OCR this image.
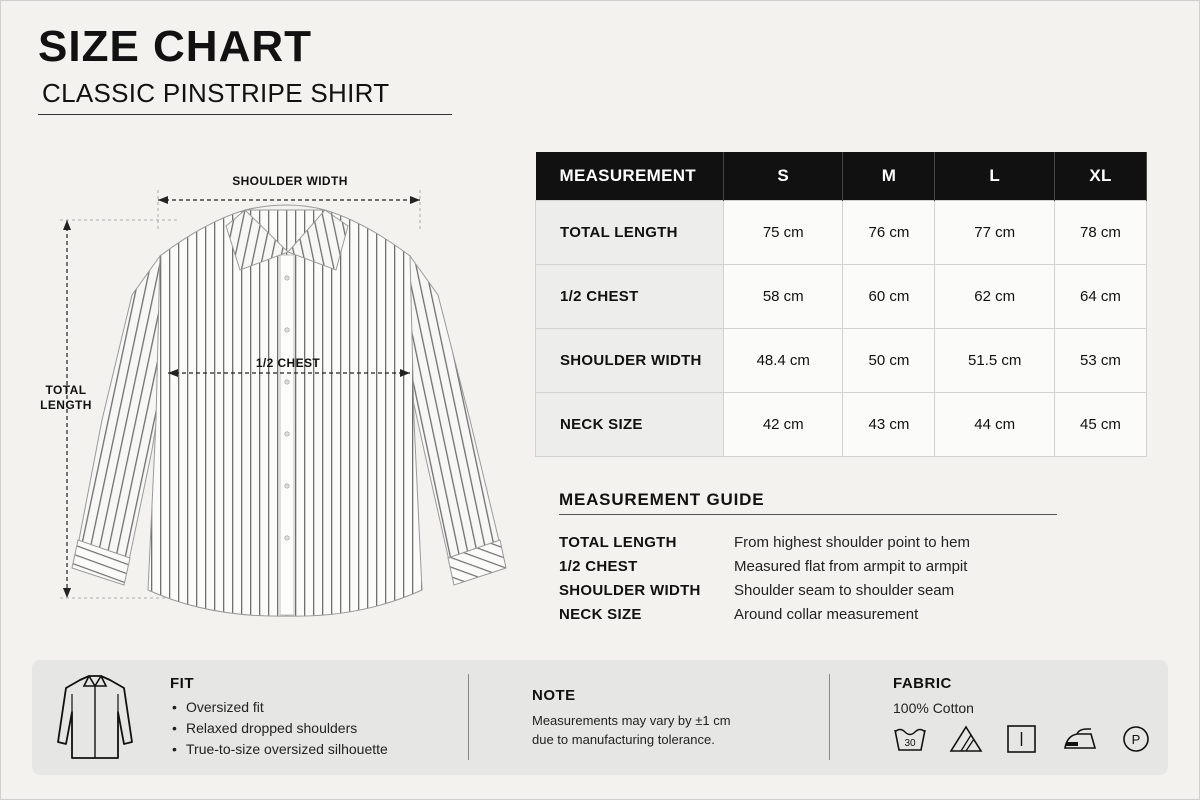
SIZE CHART
CLASSIC PINSTRIPE SHIRT
SHOULDER WIDTH
1/2 CHEST
TOTAL
LENGTH
MEASUREMENT	S	M	L	XL
TOTAL LENGTH	75 cm	76 cm	77 cm	78 cm
1/2 CHEST	58 cm	60 cm	62 cm	64 cm
SHOULDER WIDTH	48.4 cm	50 cm	51.5 cm	53 cm
NECK SIZE	42 cm	43 cm	44 cm	45 cm
MEASUREMENT GUIDE
TOTAL LENGTH	From highest shoulder point to hem
1/2 CHEST	Measured flat from armpit to armpit
SHOULDER WIDTH	Shoulder seam to shoulder seam
NECK SIZE	Around collar measurement
FIT
• Oversized fit
• Relaxed dropped shoulders
• True-to-size oversized silhouette
NOTE
Measurements may vary by ±1 cm
due to manufacturing tolerance.
FABRIC
100% Cotton
30	P
